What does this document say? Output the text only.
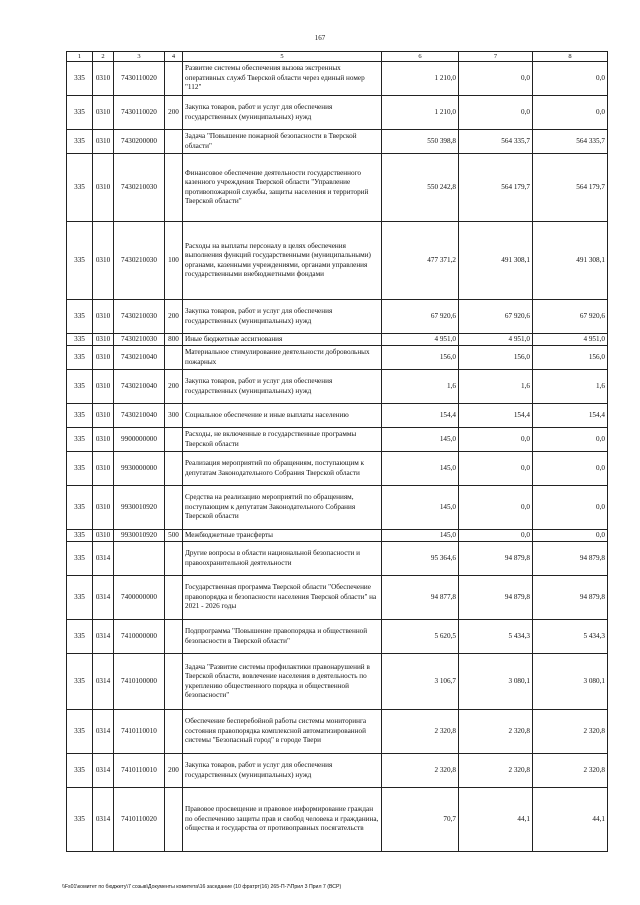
167
1	2	3	4	5	6	7	8
335	0310	7430110020		Развитие системы обеспечения вызова экстренных оперативных служб Тверской области через единый номер "112"	1 210,0	0,0	0,0
335	0310	7430110020	200	Закупка товаров, работ и услуг для обеспечения государственных (муниципальных) нужд	1 210,0	0,0	0,0
335	0310	7430200000		Задача "Повышение пожарной безопасности в Тверской области"	550 398,8	564 335,7	564 335,7
335	0310	7430210030		Финансовое обеспечение деятельности государственного казенного учреждения Тверской области "Управление противопожарной службы, защиты населения и территорий Тверской области"	550 242,8	564 179,7	564 179,7
335	0310	7430210030	100	Расходы на выплаты персоналу в целях обеспечения выполнения функций государственными (муниципальными) органами, казенными учреждениями, органами управления государственными внебюджетными фондами	477 371,2	491 308,1	491 308,1
335	0310	7430210030	200	Закупка товаров, работ и услуг для обеспечения государственных (муниципальных) нужд	67 920,6	67 920,6	67 920,6
335	0310	7430210030	800	Иные бюджетные ассигнования	4 951,0	4 951,0	4 951,0
335	0310	7430210040		Материальное стимулирование деятельности добровольных пожарных	156,0	156,0	156,0
335	0310	7430210040	200	Закупка товаров, работ и услуг для обеспечения государственных (муниципальных) нужд	1,6	1,6	1,6
335	0310	7430210040	300	Социальное обеспечение и иные выплаты населению	154,4	154,4	154,4
335	0310	9900000000		Расходы, не включенные в государственные программы Тверской области	145,0	0,0	0,0
335	0310	9930000000		Реализация мероприятий по обращениям, поступающим к депутатам Законодательного Собрания Тверской области	145,0	0,0	0,0
335	0310	9930010920		Средства на реализацию мероприятий по обращениям, поступающим к депутатам Законодательного Собрания Тверской области	145,0	0,0	0,0
335	0310	9930010920	500	Межбюджетные трансферты	145,0	0,0	0,0
335	0314			Другие вопросы в области национальной безопасности и правоохранительной деятельности	95 364,6	94 879,8	94 879,8
335	0314	7400000000		Государственная программа Тверской области "Обеспечение правопорядка и безопасности населения Тверской области" на 2021 - 2026 годы	94 877,8	94 879,8	94 879,8
335	0314	7410000000		Подпрограмма "Повышение правопорядка и общественной безопасности в Тверской области"	5 620,5	5 434,3	5 434,3
335	0314	7410100000		Задача "Развитие системы профилактики правонарушений в Тверской области, вовлечение населения в деятельность по укреплению общественного порядка и общественной безопасности"	3 106,7	3 080,1	3 080,1
335	0314	7410110010		Обеспечение бесперебойной работы системы мониторинга состояния правопорядка комплексной автоматизированной системы "Безопасный город" в городе Твери	2 320,8	2 320,8	2 320,8
335	0314	7410110010	200	Закупка товаров, работ и услуг для обеспечения государственных (муниципальных) нужд	2 320,8	2 320,8	2 320,8
335	0314	7410110020		Правовое просвещение и правовое информирование граждан по обеспечению защиты прав и свобод человека и гражданина, общества и государства от противоправных посягательств	70,7	44,1	44,1
\\Fs01\комитет по бюджету\7 созыв\Документы комитета\16 заседание (10 фратрт(16) 265-П-7\Прил 3 Прил 7 (ВСР)
